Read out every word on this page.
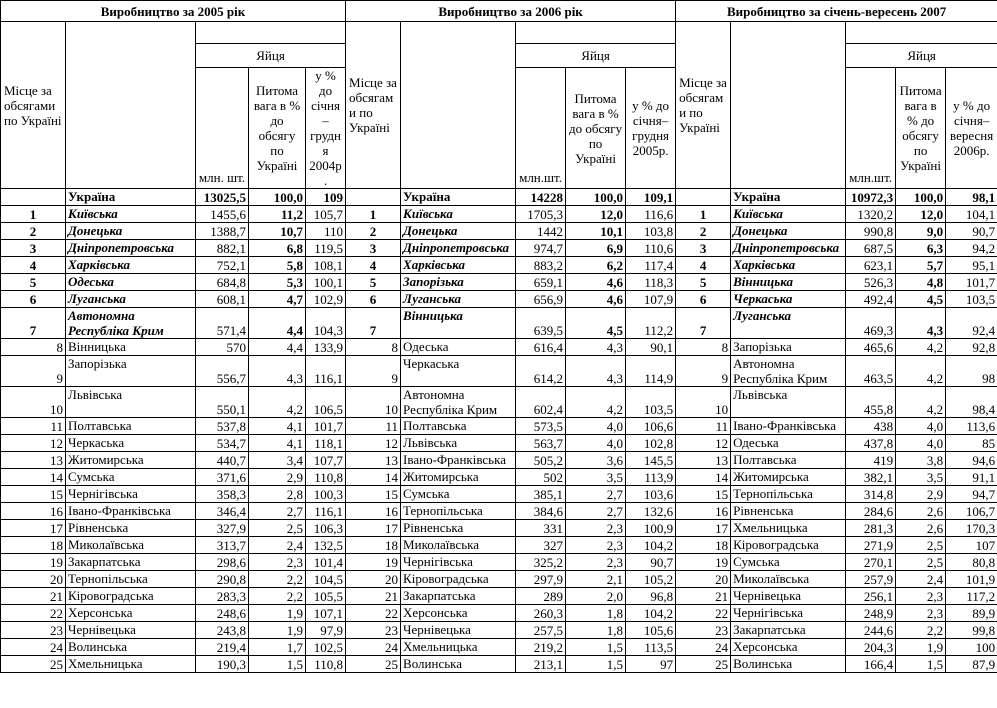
Виробництво за 2005 рік					Виробництво за 2006 рік					Виробництво за січень-вересень 2007				
Місце за обсягами по Україні					Місце за обсягами по Україні					Місце за обсягами по Україні				
		Яйця					Яйця					Яйця		
		млн. шт.	Питома вага в % до обсягу по Україні	у % до січня –грудня 2004р.			млн.шт.	Питома вага в % до обсягу по Україні	у % до січня–грудня 2005р.			млн.шт.	Питома вага в % до обсягу по Україні	у % до січня– вересня 2006р.
	Україна	13025,5	100,0	109		Україна	14228	100,0	109,1		Україна	10972,3	100,0	98,1
1	Київська	1455,6	11,2	105,7	1	Київська	1705,3	12,0	116,6	1	Київська	1320,2	12,0	104,1
2	Донецька	1388,7	10,7	110	2	Донецька	1442	10,1	103,8	2	Донецька	990,8	9,0	90,7
3	Дніпропетровська	882,1	6,8	119,5	3	Дніпропетровська	974,7	6,9	110,6	3	Дніпропетровська	687,5	6,3	94,2
4	Харківська	752,1	5,8	108,1	4	Харківська	883,2	6,2	117,4	4	Харківська	623,1	5,7	95,1
5	Одеська	684,8	5,3	100,1	5	Запорізька	659,1	4,6	118,3	5	Вінницька	526,3	4,8	101,7
6	Луганська	608,1	4,7	102,9	6	Луганська	656,9	4,6	107,9	6	Черкаська	492,4	4,5	103,5
7	Автономна Республіка Крим	571,4	4,4	104,3	7	Вінницька	639,5	4,5	112,2	7	Луганська	469,3	4,3	92,4
8	Вінницька	570	4,4	133,9	8	Одеська	616,4	4,3	90,1	8	Запорізька	465,6	4,2	92,8
9	Запорізька	556,7	4,3	116,1	9	Черкаська	614,2	4,3	114,9	9	Автономна Республіка Крим	463,5	4,2	98
10	Львівська	550,1	4,2	106,5	10	Автономна Республіка Крим	602,4	4,2	103,5	10	Львівська	455,8	4,2	98,4
11	Полтавська	537,8	4,1	101,7	11	Полтавська	573,5	4,0	106,6	11	Івано-Франківська	438	4,0	113,6
12	Черкаська	534,7	4,1	118,1	12	Львівська	563,7	4,0	102,8	12	Одеська	437,8	4,0	85
13	Житомирська	440,7	3,4	107,7	13	Івано-Франківська	505,2	3,6	145,5	13	Полтавська	419	3,8	94,6
14	Сумська	371,6	2,9	110,8	14	Житомирська	502	3,5	113,9	14	Житомирська	382,1	3,5	91,1
15	Чернігівська	358,3	2,8	100,3	15	Сумська	385,1	2,7	103,6	15	Тернопільська	314,8	2,9	94,7
16	Івано-Франківська	346,4	2,7	116,1	16	Тернопільська	384,6	2,7	132,6	16	Рівненська	284,6	2,6	106,7
17	Рівненська	327,9	2,5	106,3	17	Рівненська	331	2,3	100,9	17	Хмельницька	281,3	2,6	170,3
18	Миколаївська	313,7	2,4	132,5	18	Миколаївська	327	2,3	104,2	18	Кіровоградська	271,9	2,5	107
19	Закарпатська	298,6	2,3	101,4	19	Чернігівська	325,2	2,3	90,7	19	Сумська	270,1	2,5	80,8
20	Тернопільська	290,8	2,2	104,5	20	Кіровоградська	297,9	2,1	105,2	20	Миколаївська	257,9	2,4	101,9
21	Кіровоградська	283,3	2,2	105,5	21	Закарпатська	289	2,0	96,8	21	Чернівецька	256,1	2,3	117,2
22	Херсонська	248,6	1,9	107,1	22	Херсонська	260,3	1,8	104,2	22	Чернігівська	248,9	2,3	89,9
23	Чернівецька	243,8	1,9	97,9	23	Чернівецька	257,5	1,8	105,6	23	Закарпатська	244,6	2,2	99,8
24	Волинська	219,4	1,7	102,5	24	Хмельницька	219,2	1,5	113,5	24	Херсонська	204,3	1,9	100
25	Хмельницька	190,3	1,5	110,8	25	Волинська	213,1	1,5	97	25	Волинська	166,4	1,5	87,9
